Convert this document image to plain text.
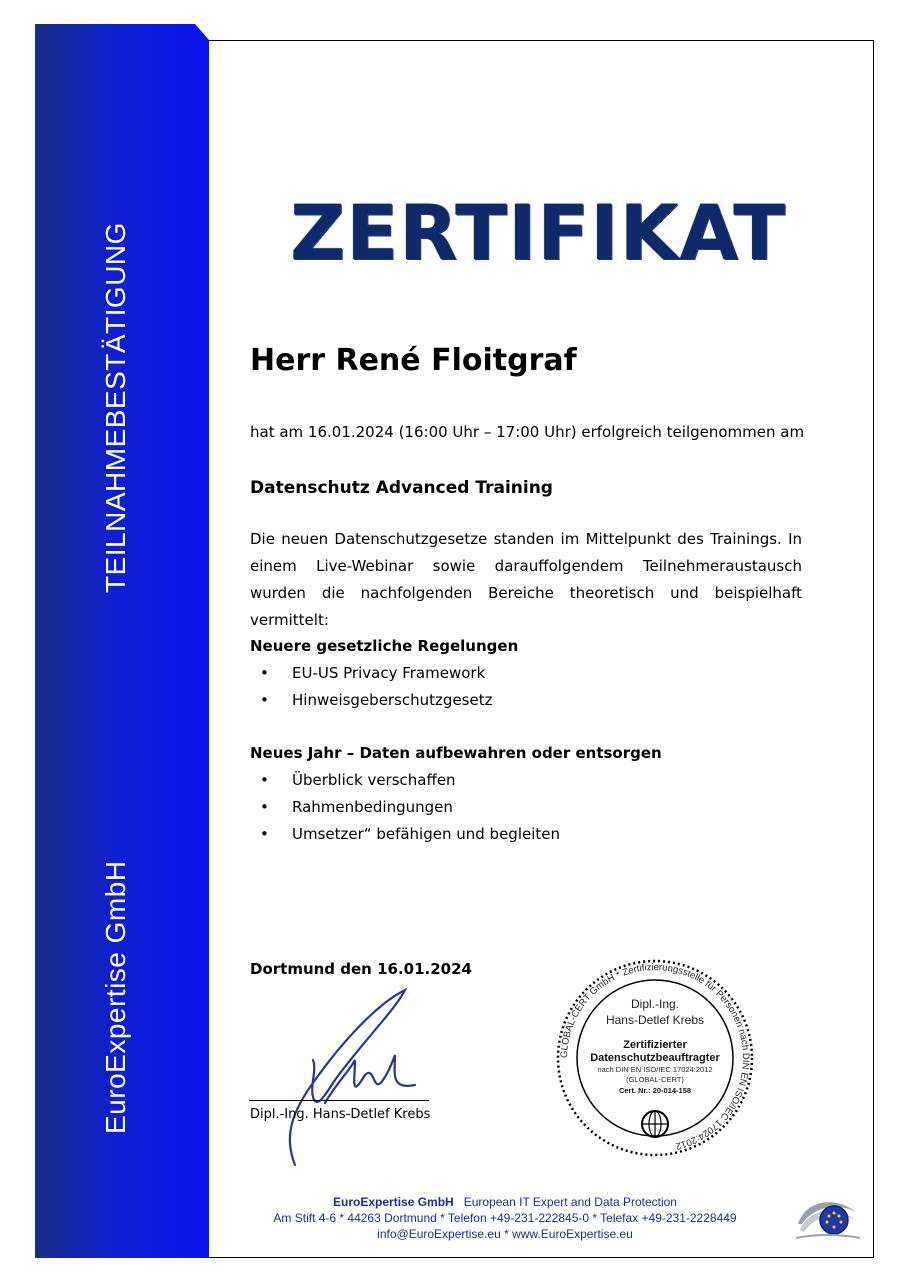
TEILNAHMEBESTÄTIGUNG
EuroExpertise GmbH
ZERTIFIKAT
Herr René Floitgraf
hat am 16.01.2024 (16:00 Uhr – 17:00 Uhr) erfolgreich teilgenommen am
Datenschutz Advanced Training
Die neuen Datenschutzgesetze standen im Mittelpunkt des Trainings. In einem Live-Webinar sowie darauffolgendem Teilnehmeraustausch wurden die nachfolgenden Bereiche theoretisch und beispielhaft vermittelt:
Neuere gesetzliche Regelungen
• EU-US Privacy Framework
• Hinweisgeberschutzgesetz
Neues Jahr – Daten aufbewahren oder entsorgen
• Überblick verschaffen
• Rahmenbedingungen
• Umsetzer“ befähigen und begleiten
Dortmund den 16.01.2024
Dipl.-Ing. Hans-Detlef Krebs
GLOBAL-CERT GmbH * Zertifizierungsstelle für Personen nach DIN EN ISO/IEC 17024:2012
Dipl.-Ing.
Hans-Detlef Krebs
Zertifizierter
Datenschutzbeauftragter
nach DIN EN ISO/IEC 17024:2012
(GLOBAL-CERT)
Cert. Nr.: 20-014-158
EuroExpertise GmbH European IT Expert and Data Protection
Am Stift 4-6 * 44263 Dortmund * Telefon +49-231-222845-0 * Telefax +49-231-2228449
info@EuroExpertise.eu * www.EuroExpertise.eu
